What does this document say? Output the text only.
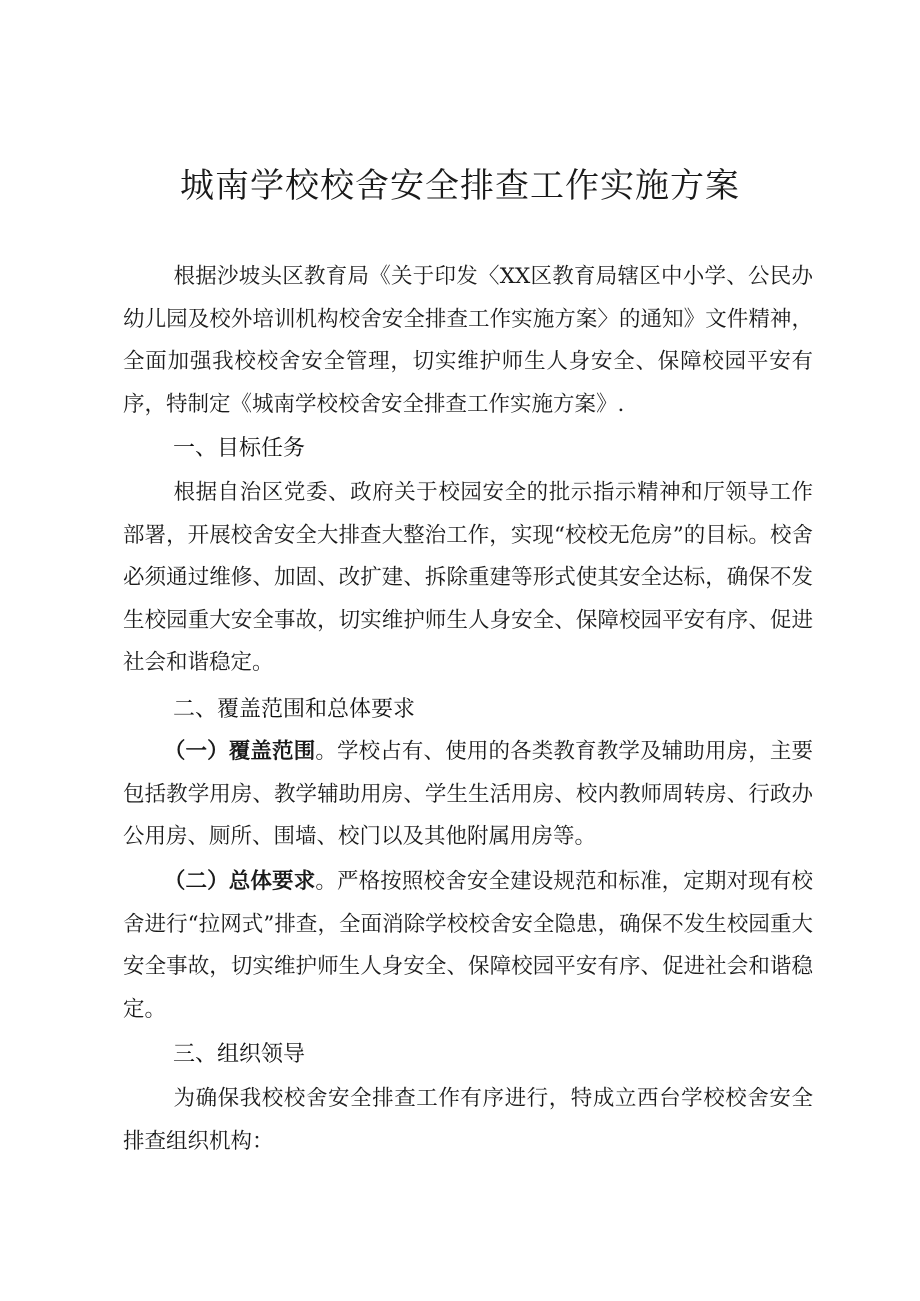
城南学校校舍安全排查工作实施方案

根据沙坡头区教育局《关于印发〈XX区教育局辖区中小学、公民办幼儿园及校外培训机构校舍安全排查工作实施方案〉的通知》文件精神，全面加强我校校舍安全管理，切实维护师生人身安全、保障校园平安有序，特制定《城南学校校舍安全排查工作实施方案》.

一、目标任务

根据自治区党委、政府关于校园安全的批示指示精神和厅领导工作部署，开展校舍安全大排查大整治工作，实现“校校无危房”的目标。校舍必须通过维修、加固、改扩建、拆除重建等形式使其安全达标，确保不发生校园重大安全事故，切实维护师生人身安全、保障校园平安有序、促进社会和谐稳定。

二、覆盖范围和总体要求

（一）覆盖范围。学校占有、使用的各类教育教学及辅助用房，主要包括教学用房、教学辅助用房、学生生活用房、校内教师周转房、行政办公用房、厕所、围墙、校门以及其他附属用房等。

（二）总体要求。严格按照校舍安全建设规范和标准，定期对现有校舍进行“拉网式”排查，全面消除学校校舍安全隐患，确保不发生校园重大安全事故，切实维护师生人身安全、保障校园平安有序、促进社会和谐稳定。

三、组织领导

为确保我校校舍安全排查工作有序进行，特成立西台学校校舍安全排查组织机构：
